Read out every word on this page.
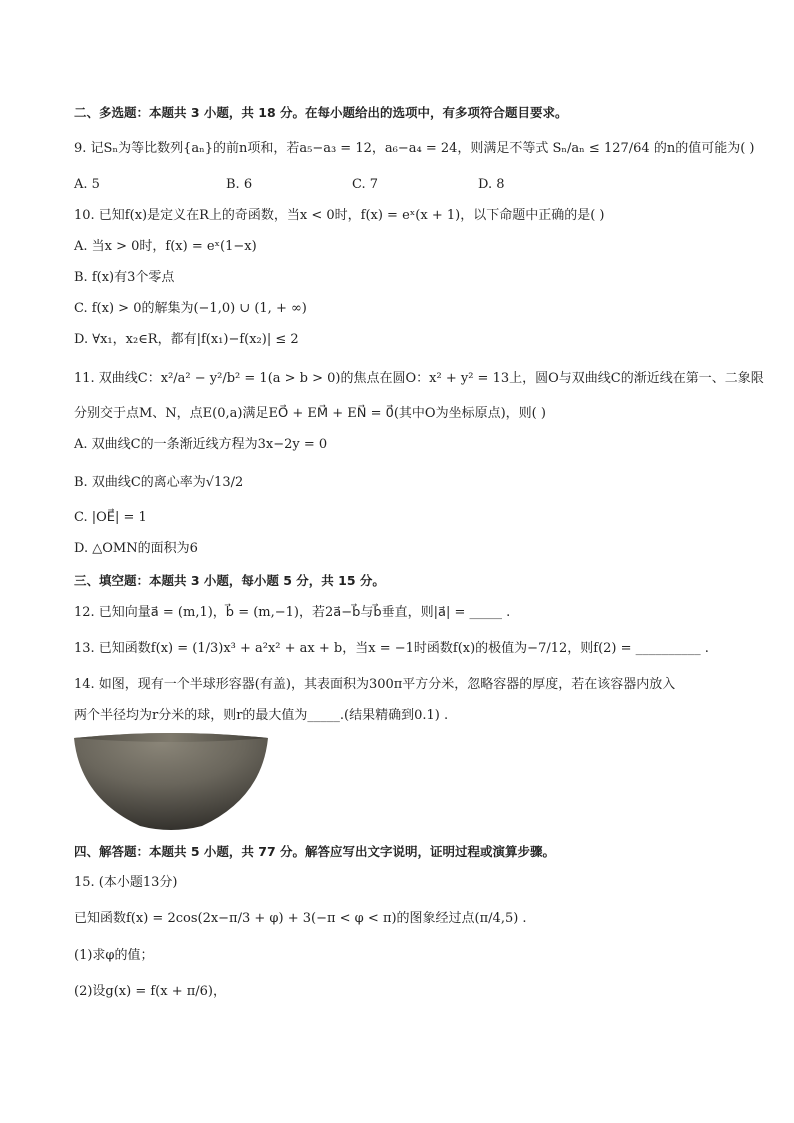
二、多选题：本题共 3 小题，共 18 分。在每小题给出的选项中，有多项符合题目要求。
9. 记Sₙ为等比数列{aₙ}的前n项和，若a₅−a₃ = 12，a₆−a₄ = 24，则满足不等式 Sₙ/aₙ ≤ 127/64 的n的值可能为( )
A. 5	B. 6	C. 7	D. 8
10. 已知f(x)是定义在R上的奇函数，当x < 0时，f(x) = eˣ(x + 1)，以下命题中正确的是( )
A. 当x > 0时，f(x) = eˣ(1−x)
B. f(x)有3个零点
C. f(x) > 0的解集为(−1,0) ∪ (1, + ∞)
D. ∀x₁，x₂∈R，都有|f(x₁)−f(x₂)| ≤ 2
11. 双曲线C：x²/a² − y²/b² = 1(a > b > 0)的焦点在圆O：x² + y² = 13上，圆O与双曲线C的渐近线在第一、二象限
分别交于点M、N，点E(0,a)满足EO⃗ + EM⃗ + EN⃗ = 0⃗(其中O为坐标原点)，则( )
A. 双曲线C的一条渐近线方程为3x−2y = 0
B. 双曲线C的离心率为√13/2
C. |OE⃗| = 1
D. △OMN的面积为6
三、填空题：本题共 3 小题，每小题 5 分，共 15 分。
12. 已知向量a⃗ = (m,1)，b⃗ = (m,−1)，若2a⃗−b⃗与b⃗垂直，则|a⃗| = _____ .
13. 已知函数f(x) = (1/3)x³ + a²x² + ax + b，当x = −1时函数f(x)的极值为−7/12，则f(2) = __________ .
14. 如图，现有一个半球形容器(有盖)，其表面积为300π平方分米，忽略容器的厚度，若在该容器内放入
两个半径均为r分米的球，则r的最大值为_____.(结果精确到0.1) .
四、解答题：本题共 5 小题，共 77 分。解答应写出文字说明，证明过程或演算步骤。
15. (本小题13分)
已知函数f(x) = 2cos(2x−π/3 + φ) + 3(−π < φ < π)的图象经过点(π/4,5) .
(1)求φ的值；
(2)设g(x) = f(x + π/6)，
